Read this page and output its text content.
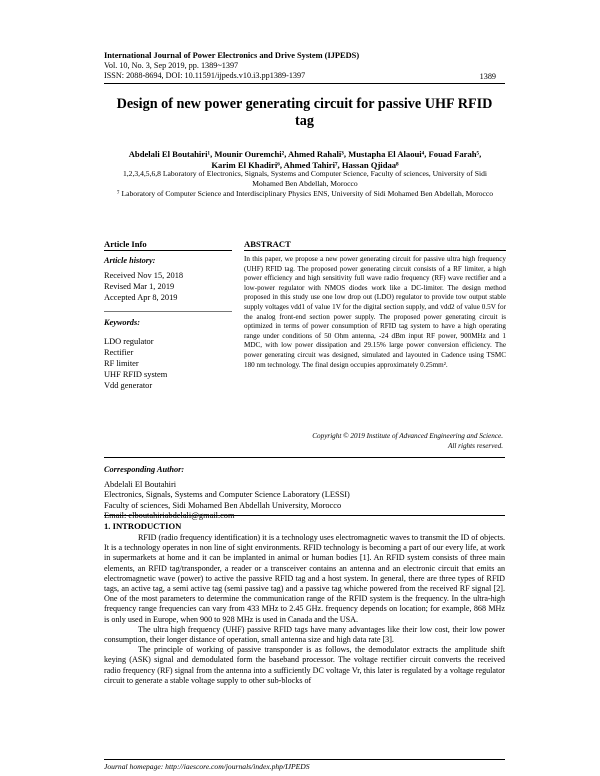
International Journal of Power Electronics and Drive System (IJPEDS)
Vol. 10, No. 3, Sep 2019, pp. 1389~1397
ISSN: 2088-8694, DOI: 10.11591/ijpeds.v10.i3.pp1389-1397	1389
Design of new power generating circuit for passive UHF RFID
tag
Abdelali El Boutahiri¹, Mounir Ouremchi², Ahmed Rahali³, Mustapha El Alaoui⁴, Fouad Farah⁵,
Karim El Khadiri⁶, Ahmed Tahiri⁷, Hassan Qjidaa⁸

1,2,3,4,5,6,8 Laboratory of Electronics, Signals, Systems and Computer Science, Faculty of sciences, University of Sidi Mohamed Ben Abdellah, Morocco

⁷ Laboratory of Computer Science and Interdisciplinary Physics ENS, University of Sidi Mohamed Ben Abdellah, Morocco

Article Info
Article history:
Received Nov 15, 2018
Revised Mar 1, 2019
Accepted Apr 8, 2019
Keywords:
LDO regulator
Rectifier
RF limiter
UHF RFID system
Vdd generator
ABSTRACT
In this paper, we propose a new power generating circuit for passive ultra high frequency (UHF) RFID tag. The proposed power generating circuit consists of a RF limiter, a high power efficiency and high sensitivity full wave radio frequency (RF) wave rectifier and a low-power regulator with NMOS diodes work like a DC-limiter. The design method proposed in this study use one low drop out (LDO) regulator to provide tow output stable supply voltages vdd1 of value 1V for the digital section supply, and vdd2 of value 0.5V for the analog front-end section power supply. The proposed power generating circuit is optimized in terms of power consumption of RFID tag system to have a high operating range under conditions of 50 Ohm antenna, -24 dBm input RF power, 900MHz and 1 MDC, with low power dissipation and 29.15% large power conversion efficiency. The power generating circuit was designed, simulated and layouted in Cadence using TSMC 180 nm technology. The final design occupies approximately 0.25mm².
Copyright © 2019 Institute of Advanced Engineering and Science.
All rights reserved.
Corresponding Author:
Abdelali El Boutahiri
Electronics, Signals, Systems and Computer Science Laboratory (LESSI)
Faculty of sciences, Sidi Mohamed Ben Abdellah University, Morocco
1. INTRODUCTION

RFID (radio frequency identification) it is a technology uses electromagnetic waves to transmit the ID of objects. It is a technology operates in non line of sight environments. RFID technology is becoming a part of our every life, at work in supermarkets at home and it can be implanted in animal or human bodies [1]. An RFID system consists of three main elements, an RFID tag/transponder, a reader or a transceiver contains an antenna and an electronic circuit that emits an electromagnetic wave (power) to active the passive RFID tag and a host system. In general, there are three types of RFID tags, an active tag, a semi active tag (semi passive tag) and a passive tag whiche powered from the received RF signal [2]. One of the most parameters to determine the communication range of the RFID system is the frequency. In the ultra-high frequency range frequencies can vary from 433 MHz to 2.45 GHz. frequency depends on location; for example, 868 MHz is only used in Europe, when 900 to 928 MHz is used in Canada and the USA.

The ultra high frequency (UHF) passive RFID tags have many advantages like their low cost, their low power consumption, their longer distance of operation, small antenna size and high data rate [3].

The principle of working of passive transponder is as follows, the demodulator extracts the amplitude shift keying (ASK) signal and demodulated form the baseband processor. The voltage rectifier circuit converts the received radio frequency (RF) signal from the antenna into a sufficiently DC voltage Vr, this later is regulated by a voltage regulator circuit to generate a stable voltage supply to other sub-blocks of

Journal homepage: http://iaescore.com/journals/index.php/IJPEDS
